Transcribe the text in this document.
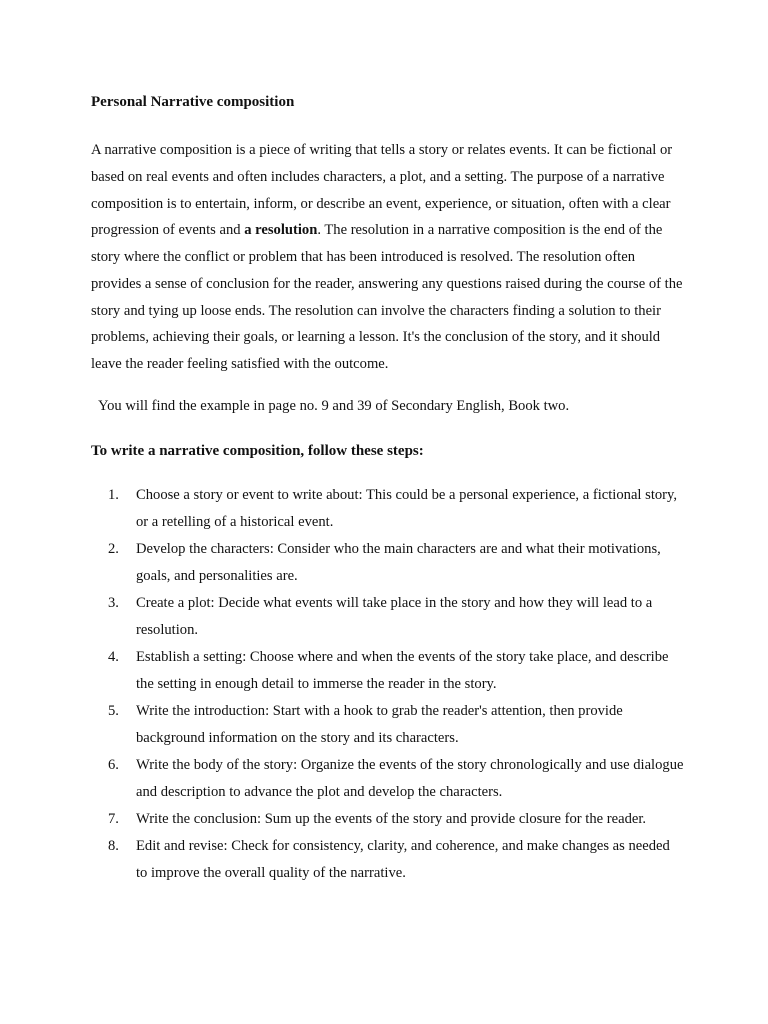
Personal Narrative composition

A narrative composition is a piece of writing that tells a story or relates events. It can be fictional or based on real events and often includes characters, a plot, and a setting. The purpose of a narrative composition is to entertain, inform, or describe an event, experience, or situation, often with a clear progression of events and a resolution. The resolution in a narrative composition is the end of the story where the conflict or problem that has been introduced is resolved. The resolution often provides a sense of conclusion for the reader, answering any questions raised during the course of the story and tying up loose ends. The resolution can involve the characters finding a solution to their problems, achieving their goals, or learning a lesson. It's the conclusion of the story, and it should leave the reader feeling satisfied with the outcome.

You will find the example in page no. 9 and 39 of Secondary English, Book two.

To write a narrative composition, follow these steps:
1.	Choose a story or event to write about: This could be a personal experience, a fictional story, or a retelling of a historical event.
2.	Develop the characters: Consider who the main characters are and what their motivations, goals, and personalities are.
3.	Create a plot: Decide what events will take place in the story and how they will lead to a resolution.
4.	Establish a setting: Choose where and when the events of the story take place, and describe the setting in enough detail to immerse the reader in the story.
5.	Write the introduction: Start with a hook to grab the reader's attention, then provide background information on the story and its characters.
6.	Write the body of the story: Organize the events of the story chronologically and use dialogue and description to advance the plot and develop the characters.
7.	Write the conclusion: Sum up the events of the story and provide closure for the reader.
8.	Edit and revise: Check for consistency, clarity, and coherence, and make changes as needed to improve the overall quality of the narrative.
